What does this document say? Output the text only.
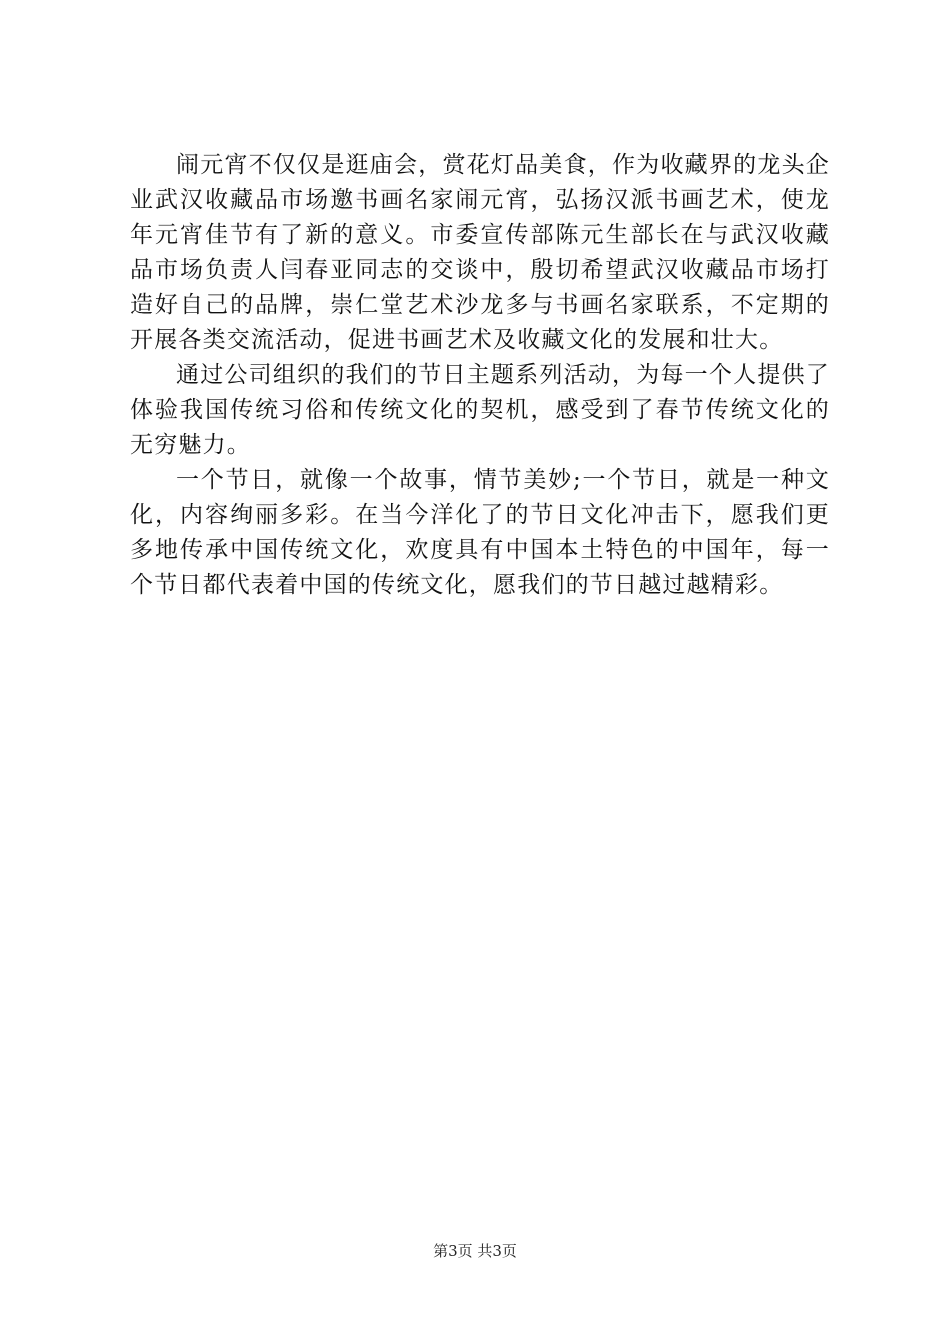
闹元宵不仅仅是逛庙会，赏花灯品美食，作为收藏界的龙头企业武汉收藏品市场邀书画名家闹元宵，弘扬汉派书画艺术，使龙年元宵佳节有了新的意义。市委宣传部陈元生部长在与武汉收藏品市场负责人闫春亚同志的交谈中，殷切希望武汉收藏品市场打造好自己的品牌，崇仁堂艺术沙龙多与书画名家联系，不定期的开展各类交流活动，促进书画艺术及收藏文化的发展和壮大。

通过公司组织的我们的节日主题系列活动，为每一个人提供了体验我国传统习俗和传统文化的契机，感受到了春节传统文化的无穷魅力。

一个节日，就像一个故事，情节美妙;一个节日，就是一种文化，内容绚丽多彩。在当今洋化了的节日文化冲击下，愿我们更多地传承中国传统文化，欢度具有中国本土特色的中国年，每一个节日都代表着中国的传统文化，愿我们的节日越过越精彩。

第3页 共3页
